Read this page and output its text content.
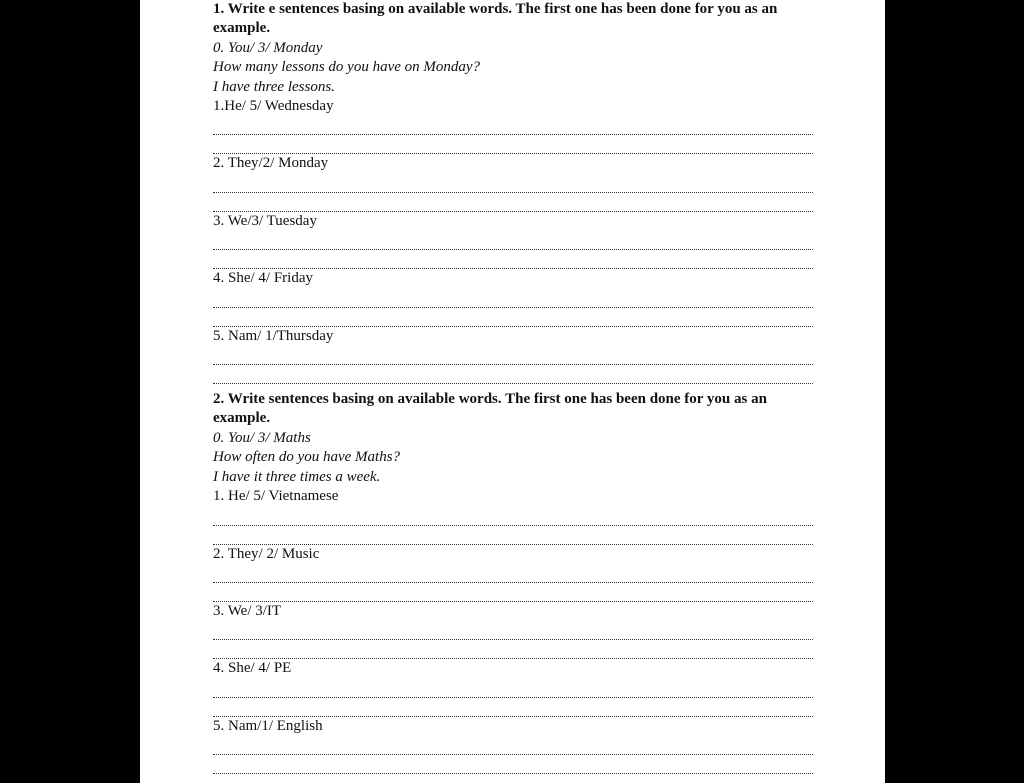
1. Write e sentences basing on available words. The first one has been done for you as an example.
0. You/ 3/ Monday
How many lessons do you have on Monday?
I have three lessons.
1.He/ 5/ Wednesday
2. They/2/ Monday
3. We/3/ Tuesday
4. She/ 4/ Friday
5. Nam/ 1/Thursday
2. Write sentences basing on available words. The first one has been done for you as an example.
0. You/ 3/ Maths
How often do you have Maths?
I have it three times a week.
1. He/ 5/ Vietnamese
2. They/ 2/ Music
3. We/ 3/IT
4. She/ 4/ PE
5. Nam/1/ English
